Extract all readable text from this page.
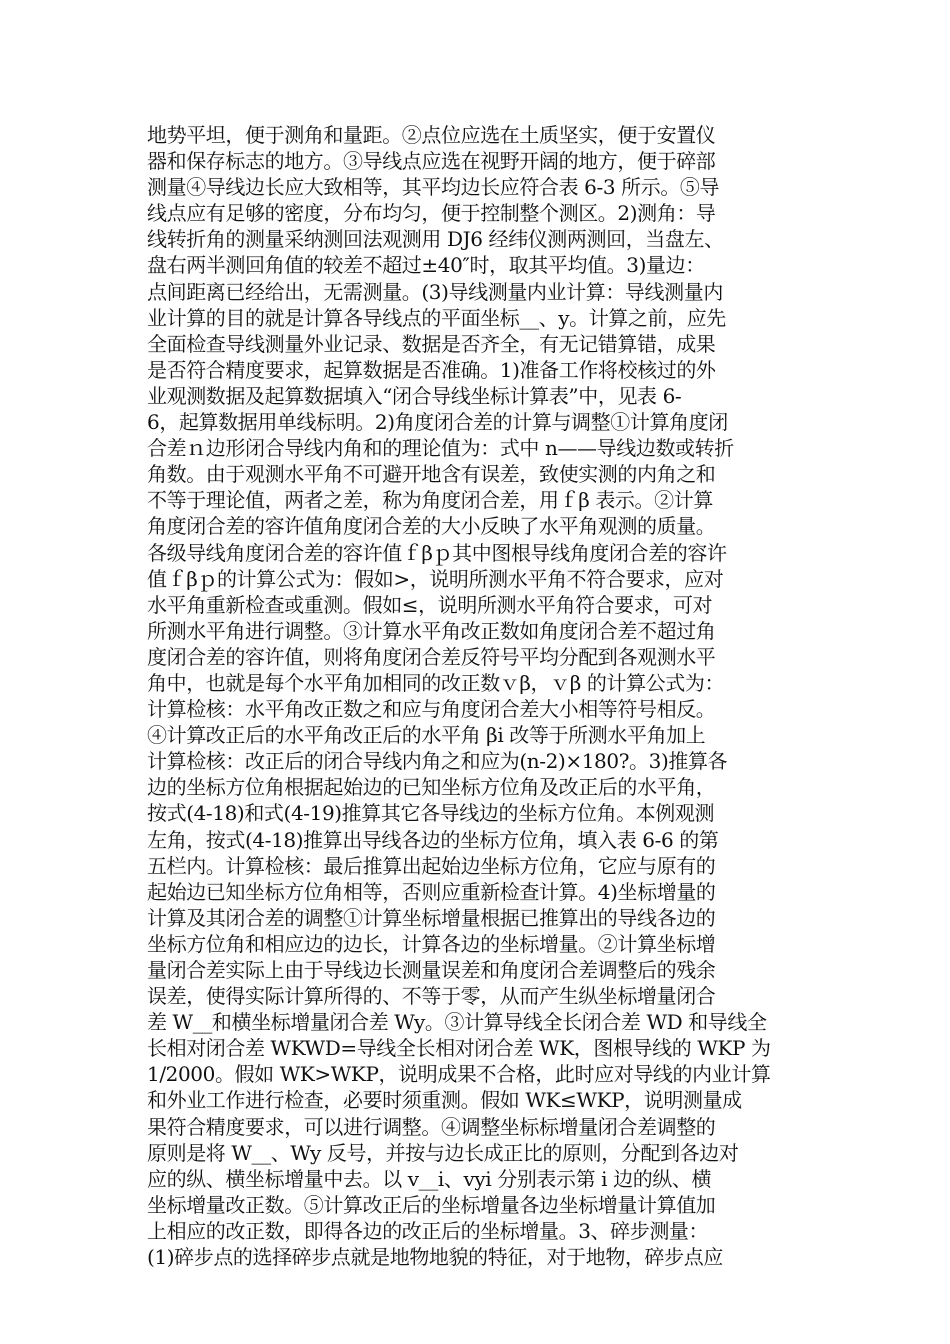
地势平坦，便于测角和量距。②点位应选在土质坚实，便于安置仪
器和保存标志的地方。③导线点应选在视野开阔的地方，便于碎部
测量④导线边长应大致相等，其平均边长应符合表 6-3 所示。⑤导
线点应有足够的密度，分布均匀，便于控制整个测区。2)测角：导
线转折角的测量采纳测回法观测用 DJ6 经纬仪测两测回，当盘左、
盘右两半测回角值的较差不超过±40″时，取其平均值。3)量边：
点间距离已经给出，无需测量。(3)导线测量内业计算：导线测量内
业计算的目的就是计算各导线点的平面坐标__、y。计算之前，应先
全面检查导线测量外业记录、数据是否齐全，有无记错算错，成果
是否符合精度要求，起算数据是否准确。1)准备工作将校核过的外
业观测数据及起算数据填入“闭合导线坐标计算表”中，见表 6-
6，起算数据用单线标明。2)角度闭合差的计算与调整①计算角度闭
合差ｎ边形闭合导线内角和的理论值为：式中 n——导线边数或转折
角数。由于观测水平角不可避开地含有误差，致使实测的内角之和
不等于理论值，两者之差，称为角度闭合差，用ｆβ 表示。②计算
角度闭合差的容许值角度闭合差的大小反映了水平角观测的质量。
各级导线角度闭合差的容许值ｆβｐ其中图根导线角度闭合差的容许
值ｆβｐ的计算公式为：假如>，说明所测水平角不符合要求，应对
水平角重新检查或重测。假如≤，说明所测水平角符合要求，可对
所测水平角进行调整。③计算水平角改正数如角度闭合差不超过角
度闭合差的容许值，则将角度闭合差反符号平均分配到各观测水平
角中，也就是每个水平角加相同的改正数ｖβ，ｖβ 的计算公式为：
计算检核：水平角改正数之和应与角度闭合差大小相等符号相反。
④计算改正后的水平角改正后的水平角 βi 改等于所测水平角加上
计算检核：改正后的闭合导线内角之和应为(n-2)×180?。3)推算各
边的坐标方位角根据起始边的已知坐标方位角及改正后的水平角，
按式(4-18)和式(4-19)推算其它各导线边的坐标方位角。本例观测
左角，按式(4-18)推算出导线各边的坐标方位角，填入表 6-6 的第
五栏内。计算检核：最后推算出起始边坐标方位角，它应与原有的
起始边已知坐标方位角相等，否则应重新检查计算。4)坐标增量的
计算及其闭合差的调整①计算坐标增量根据已推算出的导线各边的
坐标方位角和相应边的边长，计算各边的坐标增量。②计算坐标增
量闭合差实际上由于导线边长测量误差和角度闭合差调整后的残余
误差，使得实际计算所得的、不等于零，从而产生纵坐标增量闭合
差 W__和横坐标增量闭合差 Wy。③计算导线全长闭合差 WD 和导线全
长相对闭合差 WKWD=导线全长相对闭合差 WK，图根导线的 WKP 为
1/2000。假如 WK>WKP，说明成果不合格，此时应对导线的内业计算
和外业工作进行检查，必要时须重测。假如 WK≤WKP，说明测量成
果符合精度要求，可以进行调整。④调整坐标标增量闭合差调整的
原则是将 W__、Wy 反号，并按与边长成正比的原则，分配到各边对
应的纵、横坐标增量中去。以 v__i、vyi 分别表示第 i 边的纵、横
坐标增量改正数。⑤计算改正后的坐标增量各边坐标增量计算值加
上相应的改正数，即得各边的改正后的坐标增量。3、碎步测量：
(1)碎步点的选择碎步点就是地物地貌的特征，对于地物，碎步点应
